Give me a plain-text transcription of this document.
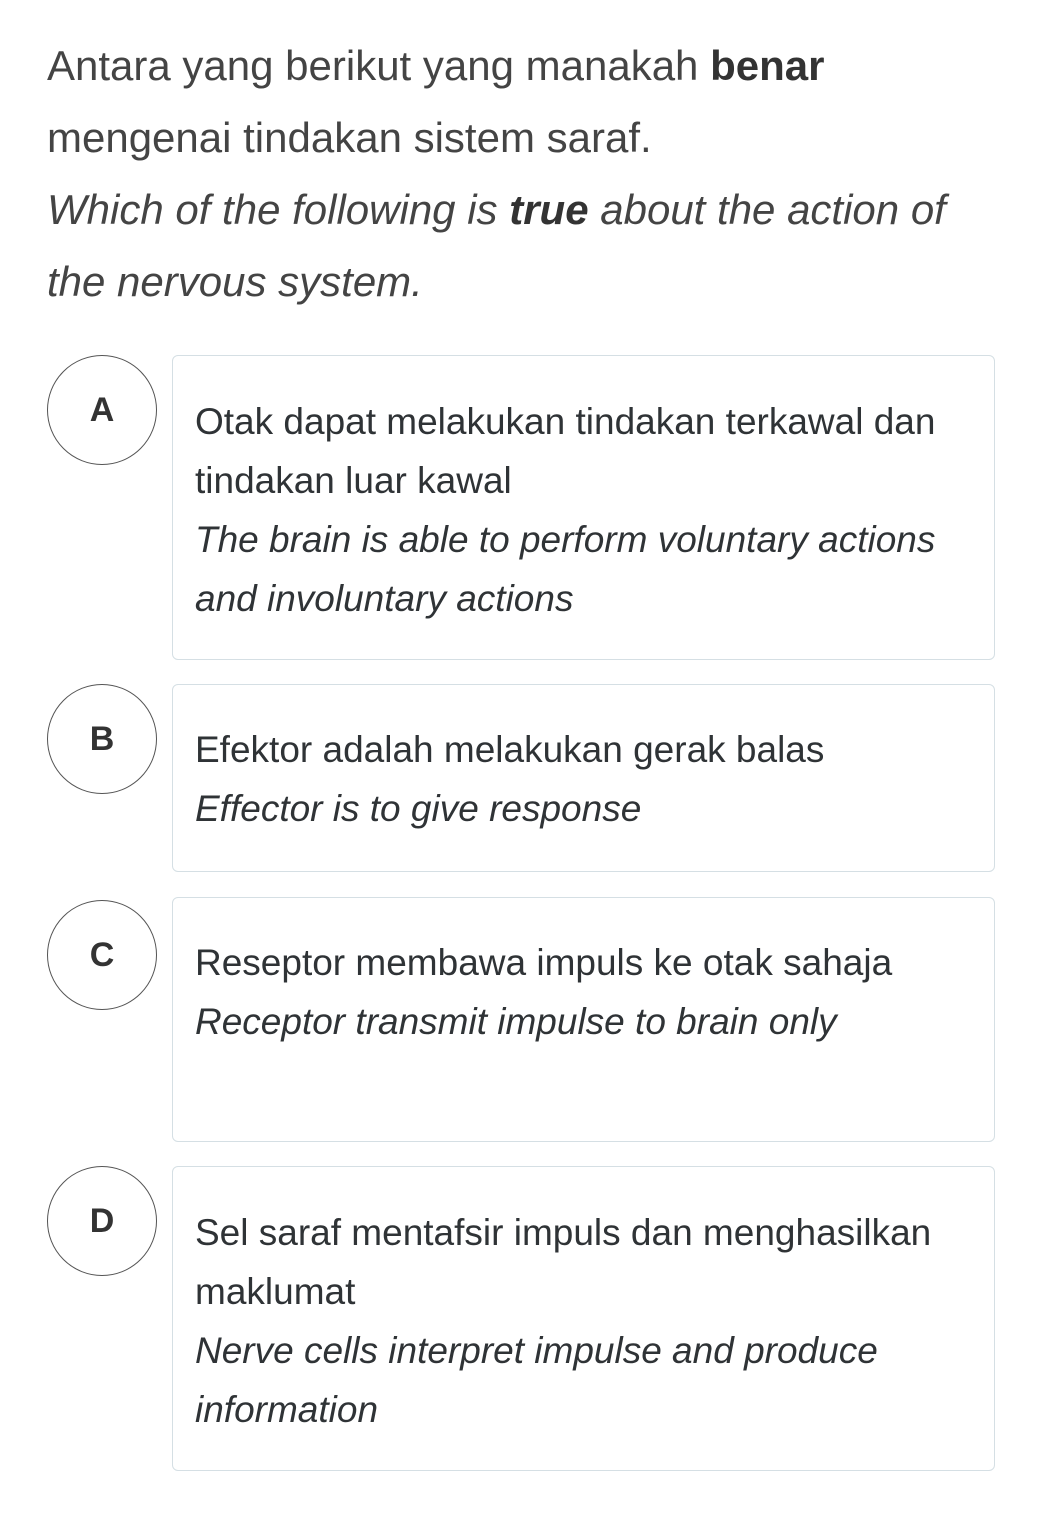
Antara yang berikut yang manakah benar mengenai tindakan sistem saraf.
Which of the following is true about the action of the nervous system.
A	Otak dapat melakukan tindakan terkawal dan tindakan luar kawal
The brain is able to perform voluntary actions and involuntary actions
B	Efektor adalah melakukan gerak balas
Effector is to give response
C	Reseptor membawa impuls ke otak sahaja
Receptor transmit impulse to brain only
D	Sel saraf mentafsir impuls dan menghasilkan maklumat
Nerve cells interpret impulse and produce information
